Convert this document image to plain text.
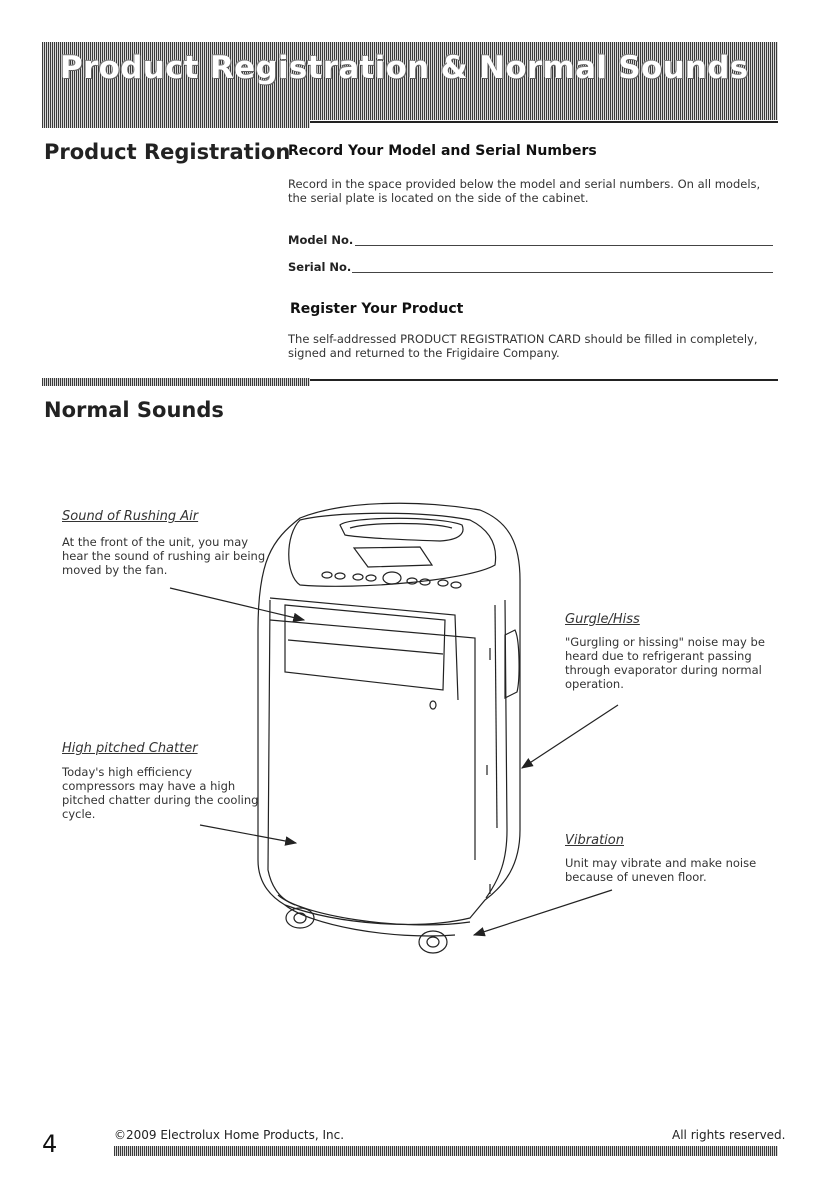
Product Registration & Normal Sounds
Product Registration
Record Your Model and Serial Numbers
Record in the space provided below the model and serial numbers. On all models, the serial plate is located on the side of the cabinet.
Model No.
Serial No.
Register Your Product
The self-addressed PRODUCT REGISTRATION CARD should be filled in completely, signed and returned to the Frigidaire Company.
Normal Sounds
Sound of Rushing Air
At the front of the unit, you may hear the sound of rushing air being moved by the fan.
High pitched Chatter
Today's high efficiency compressors may have a high pitched chatter during the cooling cycle.
Gurgle/Hiss
"Gurgling or hissing" noise may be heard due to refrigerant passing through evaporator during normal operation.
Vibration
Unit may vibrate and make noise because of uneven floor.
4	©2009 Electrolux Home Products, Inc.	All rights reserved.
